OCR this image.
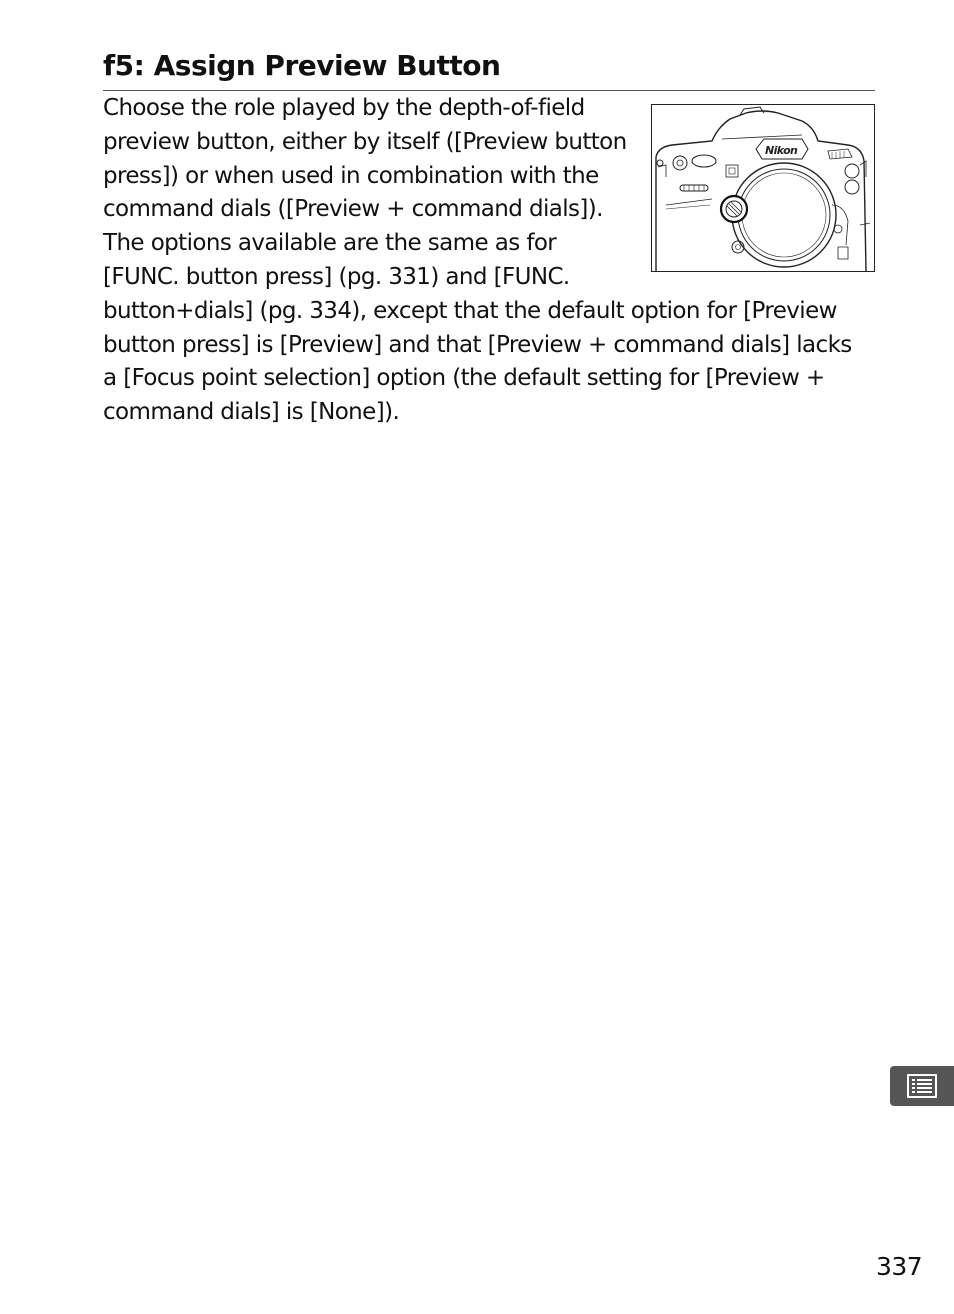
f5: Assign Preview Button
Nikon
Choose the role played by the depth-of-field preview button, either by itself ([Preview button press]) or when used in combination with the command dials ([Preview + command dials]). The options available are the same as for [FUNC. button press] (pg. 331) and [FUNC. button+dials] (pg. 334), except that the default option for [Preview button press] is [Preview] and that [Preview + command dials] lacks a [Focus point selection] option (the default setting for [Preview + command dials] is [None]).
337
